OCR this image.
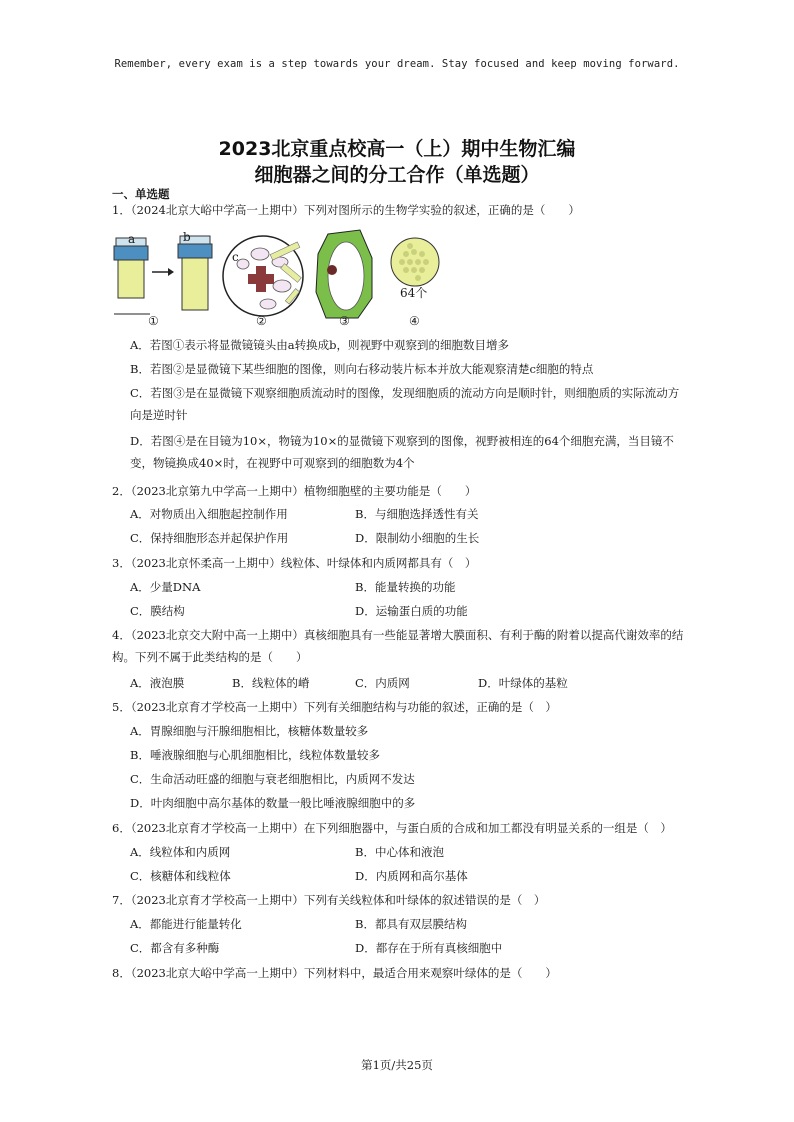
Remember, every exam is a step towards your dream. Stay focused and keep moving forward.
2023北京重点校高一（上）期中生物汇编
细胞器之间的分工合作（单选题）
一、单选题
1．（2024北京大峪中学高一上期中）下列对图所示的生物学实验的叙述，正确的是（　　）
a	b
c
64个
①	②	③	④
A．若图①表示将显微镜镜头由a转换成b，则视野中观察到的细胞数目增多
B．若图②是显微镜下某些细胞的图像，则向右移动装片标本并放大能观察清楚c细胞的特点
C．若图③是在显微镜下观察细胞质流动时的图像，发现细胞质的流动方向是顺时针，则细胞质的实际流动方向是逆时针
D．若图④是在目镜为10×，物镜为10×的显微镜下观察到的图像，视野被相连的64个细胞充满，当目镜不变，物镜换成40×时，在视野中可观察到的细胞数为4个
2．（2023北京第九中学高一上期中）植物细胞壁的主要功能是（　　）
A．对物质出入细胞起控制作用	B．与细胞选择透性有关
C．保持细胞形态并起保护作用	D．限制幼小细胞的生长
3．（2023北京怀柔高一上期中）线粒体、叶绿体和内质网都具有（　）
A．少量DNA	B．能量转换的功能
C．膜结构	D．运输蛋白质的功能
4．（2023北京交大附中高一上期中）真核细胞具有一些能显著增大膜面积、有利于酶的附着以提高代谢效率的结构。下列不属于此类结构的是（　　）
A．液泡膜	B．线粒体的嵴	C．内质网	D．叶绿体的基粒
5．（2023北京育才学校高一上期中）下列有关细胞结构与功能的叙述，正确的是（　）
A．胃腺细胞与汗腺细胞相比，核糖体数量较多
B．唾液腺细胞与心肌细胞相比，线粒体数量较多
C．生命活动旺盛的细胞与衰老细胞相比，内质网不发达
D．叶肉细胞中高尔基体的数量一般比唾液腺细胞中的多
6．（2023北京育才学校高一上期中）在下列细胞器中，与蛋白质的合成和加工都没有明显关系的一组是（　）
A．线粒体和内质网	B．中心体和液泡
C．核糖体和线粒体	D．内质网和高尔基体
7．（2023北京育才学校高一上期中）下列有关线粒体和叶绿体的叙述错误的是（　）
A．都能进行能量转化	B．都具有双层膜结构
C．都含有多种酶	D．都存在于所有真核细胞中
8．（2023北京大峪中学高一上期中）下列材料中，最适合用来观察叶绿体的是（　　）
第1页/共25页
